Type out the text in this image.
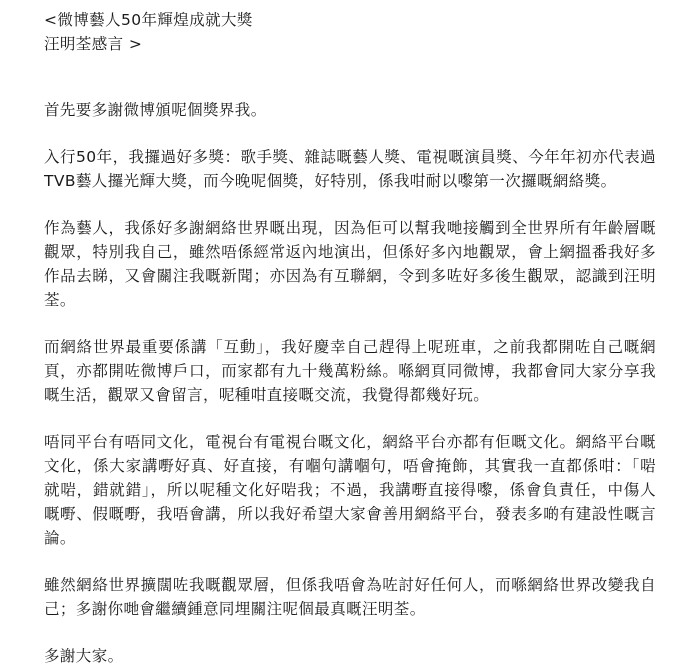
<微博藝人50年輝煌成就大獎
汪明荃感言 >

首先要多謝微博頒呢個獎界我。

入行50年，我攞過好多獎：歌手獎、雜誌嘅藝人獎、電視嘅演員獎、今年年初亦代表過TVB藝人攞光輝大獎，而今晚呢個獎，好特別，係我咁耐以嚟第一次攞嘅網絡獎。

作為藝人，我係好多謝網絡世界嘅出現，因為佢可以幫我哋接觸到全世界所有年齡層嘅觀眾，特別我自己，雖然唔係經常返內地演出，但係好多內地觀眾，會上網搵番我好多作品去睇，又會關注我嘅新聞；亦因為有互聯網，令到多咗好多後生觀眾，認識到汪明荃。

而網絡世界最重要係講「互動」，我好慶幸自己趕得上呢班車，之前我都開咗自己嘅網頁，亦都開咗微博戶口，而家都有九十幾萬粉絲。喺網頁同微博，我都會同大家分享我嘅生活，觀眾又會留言，呢種咁直接嘅交流，我覺得都幾好玩。

唔同平台有唔同文化，電視台有電視台嘅文化，網絡平台亦都有佢嘅文化。網絡平台嘅文化，係大家講嘢好真、好直接，有嗰句講嗰句，唔會掩飾，其實我一直都係咁：「啱就啱，錯就錯」，所以呢種文化好啱我；不過，我講嘢直接得嚟，係會負責任，中傷人嘅嘢、假嘅嘢，我唔會講，所以我好希望大家會善用網絡平台，發表多啲有建設性嘅言論。

雖然網絡世界擴闊咗我嘅觀眾層，但係我唔會為咗討好任何人，而喺網絡世界改變我自己；多謝你哋會繼續鍾意同埋關注呢個最真嘅汪明荃。

多謝大家。
